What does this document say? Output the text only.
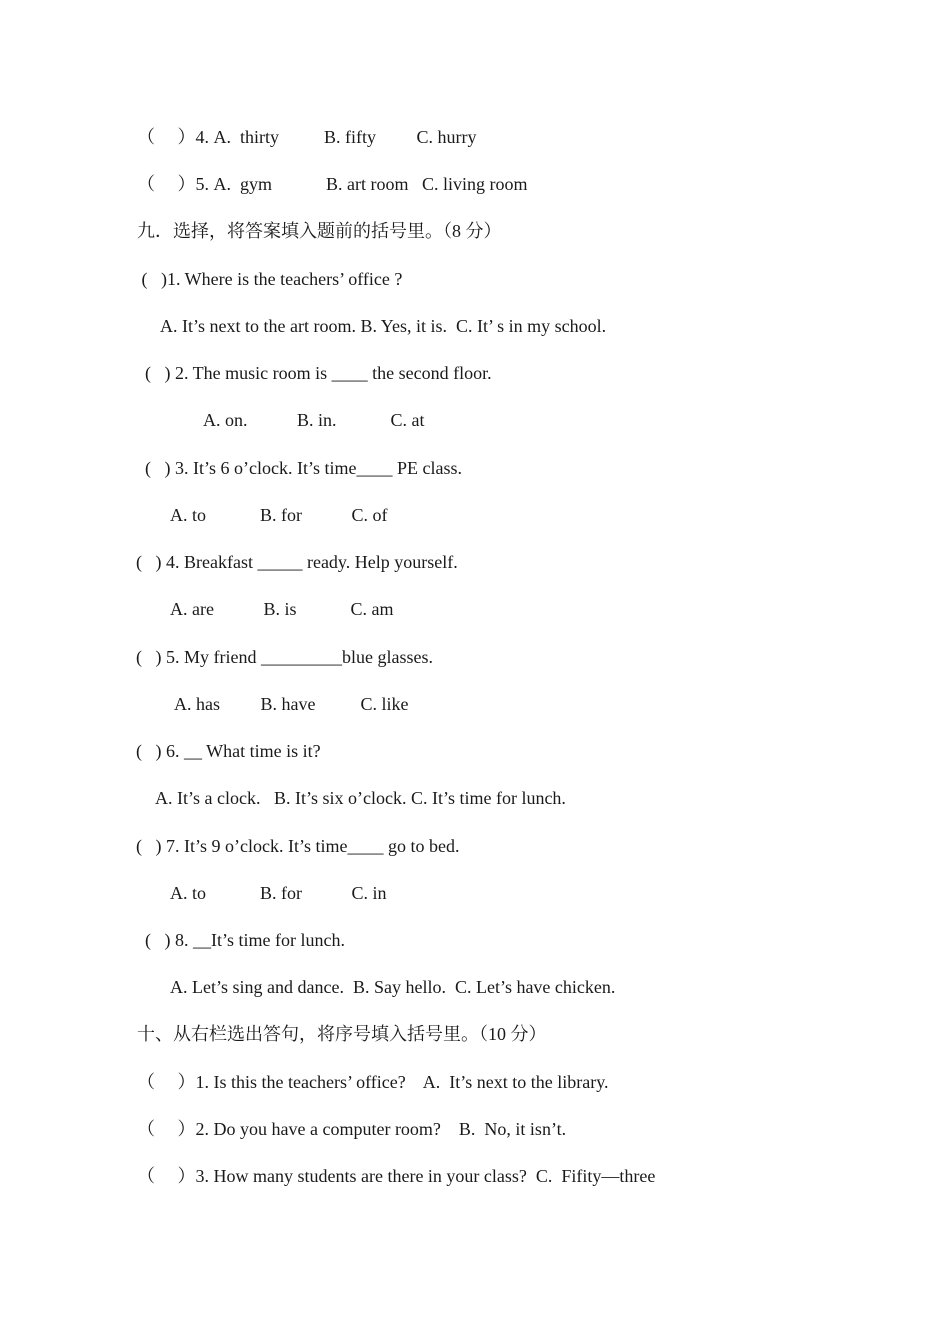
（　 ）4. A.  thirty          B. fifty         C. hurry
（　 ）5. A.  gym            B. art room   C. living room
九．选择，将答案填入题前的括号里。（8 分）
(   )1. Where is the teachers’ office ?
A. It’s next to the art room. B. Yes, it is.  C. It’ s in my school.
(   ) 2. The music room is ____ the second floor.
A. on.           B. in.            C. at
(   ) 3. It’s 6 o’clock. It’s time____ PE class.
A. to            B. for           C. of
(   ) 4. Breakfast _____ ready. Help yourself.
A. are           B. is            C. am
(   ) 5. My friend _________blue glasses.
A. has         B. have          C. like
(   ) 6. __ What time is it?
A. It’s a clock.   B. It’s six o’clock. C. It’s time for lunch.
(   ) 7. It’s 9 o’clock. It’s time____ go to bed.
A. to            B. for           C. in
(   ) 8. __It’s time for lunch.
A. Let’s sing and dance.  B. Say hello.  C. Let’s have chicken.
十、从右栏选出答句，将序号填入括号里。（10 分）
（　 ）1. Is this the teachers’ office?    A.  It’s next to the library.
（　 ）2. Do you have a computer room?    B.  No, it isn’t.
（　 ）3. How many students are there in your class?  C.  Fifity—three
